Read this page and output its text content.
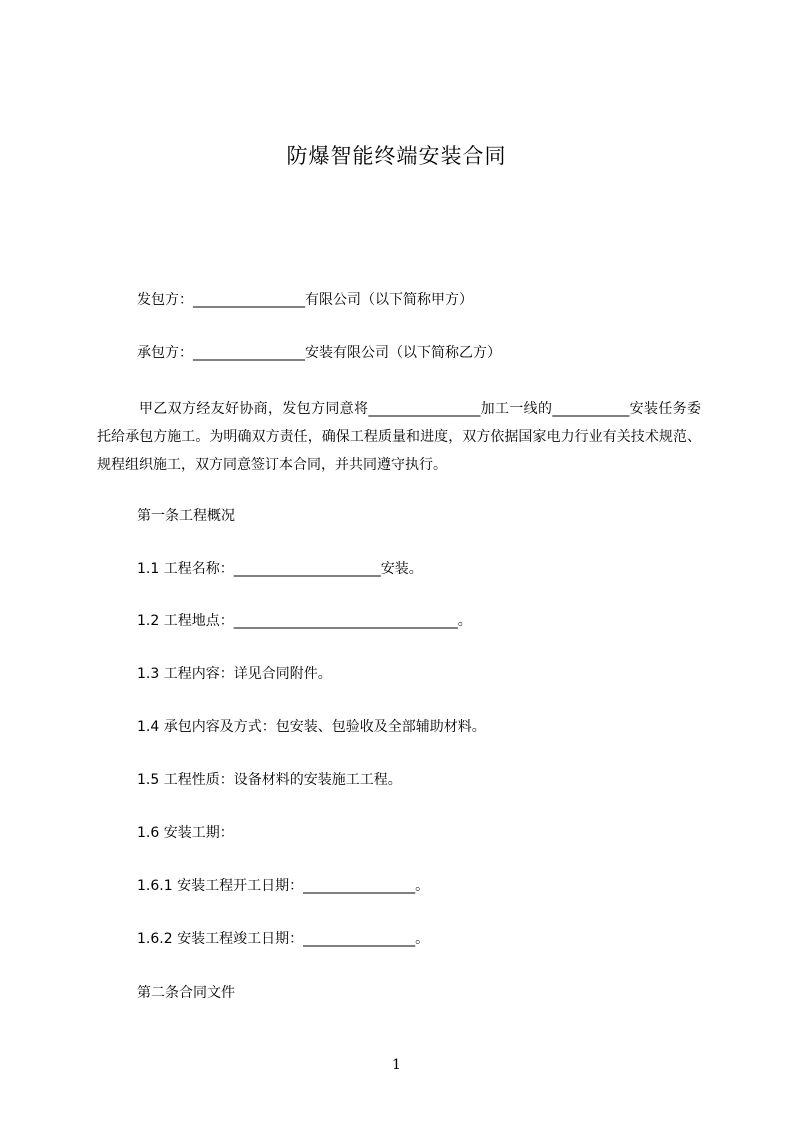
防爆智能终端安装合同
发包方：________________有限公司（以下简称甲方）
承包方：________________安装有限公司（以下简称乙方）
甲乙双方经友好协商，发包方同意将________________加工一线的___________安装任务委托给承包方施工。为明确双方责任，确保工程质量和进度，双方依据国家电力行业有关技术规范、规程组织施工，双方同意签订本合同，并共同遵守执行。
第一条工程概况
1.1 工程名称：_____________________安装。
1.2 工程地点：________________________________。
1.3 工程内容：详见合同附件。
1.4 承包内容及方式：包安装、包验收及全部辅助材料。
1.5 工程性质：设备材料的安装施工工程。
1.6 安装工期：
1.6.1 安装工程开工日期：________________。
1.6.2 安装工程竣工日期：________________。
第二条合同文件
1
